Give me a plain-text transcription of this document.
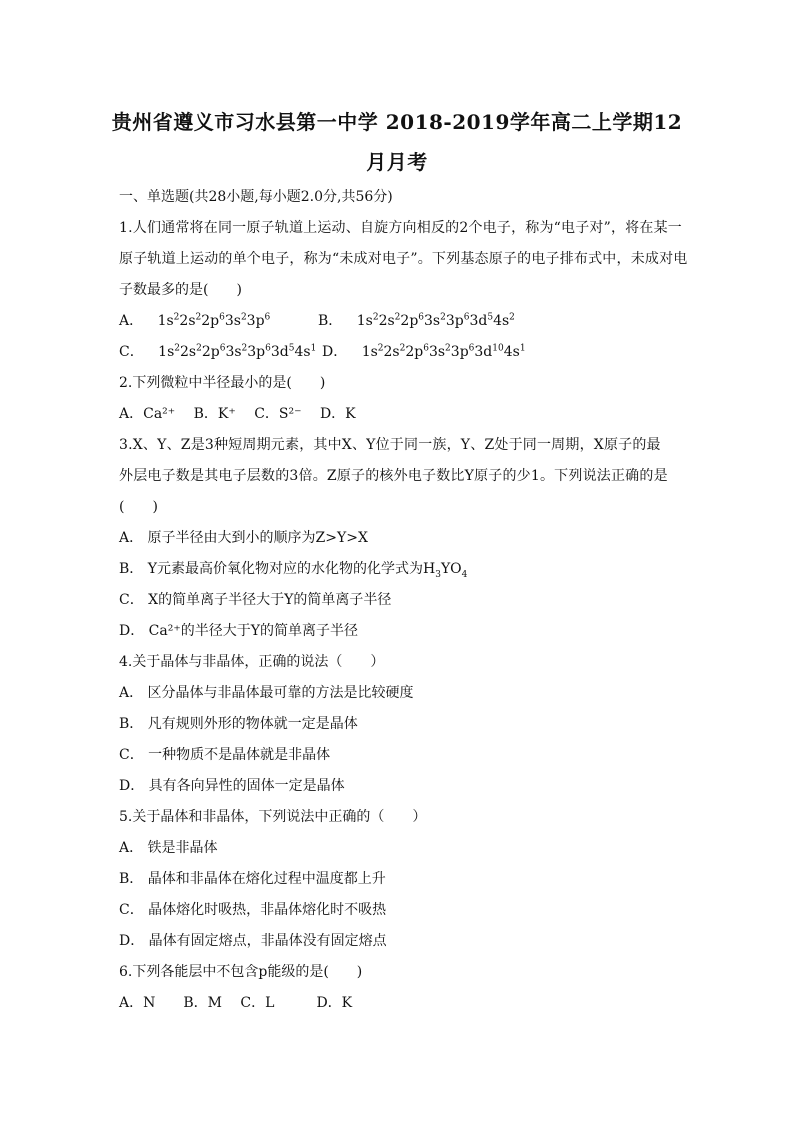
贵州省遵义市习水县第一中学 2018-2019学年高二上学期12
月月考
一、单选题(共28小题,每小题2.0分,共56分)
1.人们通常将在同一原子轨道上运动、自旋方向相反的2个电子，称为“电子对”，将在某一
原子轨道上运动的单个电子，称为“未成对电子”。下列基态原子的电子排布式中，未成对电
子数最多的是(　　)
A． $1s^22s^22p^63s^23p^6$	B． $1s^22s^22p^63s^23p^63d^54s^2$
C． $1s^22s^22p^63s^23p^63d^54s^1$ D． $1s^22s^22p^63s^23p^63d^{10}4s^1$
2.下列微粒中半径最小的是(　　)
A．Ca²⁺　 B．K⁺　 C．S²⁻　 D．K
3.X、Y、Z是3种短周期元素，其中X、Y位于同一族，Y、Z处于同一周期，X原子的最
外层电子数是其电子层数的3倍。Z原子的核外电子数比Y原子的少1。下列说法正确的是
(　　)
A． 原子半径由大到小的顺序为Z>Y>X
B． Y元素最高价氧化物对应的水化物的化学式为$H_3YO_4$
C． X的简单离子半径大于Y的简单离子半径
D． Ca²⁺的半径大于Y的简单离子半径
4.关于晶体与非晶体，正确的说法（　　）
A． 区分晶体与非晶体最可靠的方法是比较硬度
B． 凡有规则外形的物体就一定是晶体
C． 一种物质不是晶体就是非晶体
D． 具有各向异性的固体一定是晶体
5.关于晶体和非晶体，下列说法中正确的（　　）
A． 铁是非晶体
B． 晶体和非晶体在熔化过程中温度都上升
C． 晶体熔化时吸热，非晶体熔化时不吸热
D． 晶体有固定熔点，非晶体没有固定熔点
6.下列各能层中不包含p能级的是(　　)
A．N　　B．M　 C．L　　　D．K
